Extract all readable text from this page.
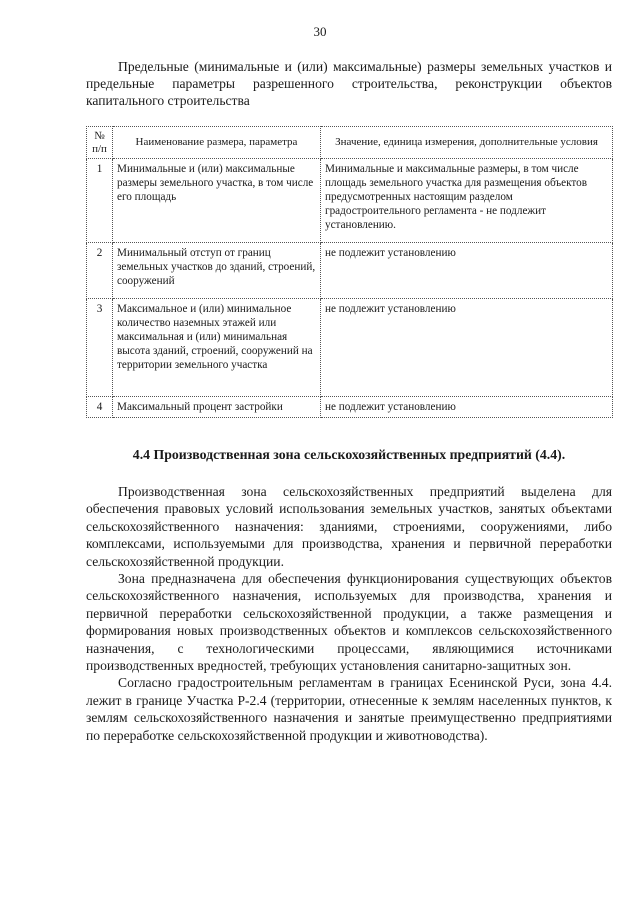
30

Предельные (минимальные и (или) максимальные) размеры земельных участков и предельные параметры разрешенного строительства, реконструкции объектов капитального строительства

№ п/п	Наименование размера, параметра	Значение, единица измерения, дополнительные условия
1	Минимальные и (или) максимальные размеры земельного участка, в том числе его площадь	Минимальные и максимальные размеры, в том числе площадь земельного участка для размещения объектов предусмотренных настоящим разделом градостроительного регламента - не подлежит установлению.
2	Минимальный отступ от границ земельных участков до зданий, строений, сооружений	не подлежит установлению
3	Максимальное и (или) минимальное количество наземных этажей или максимальная и (или) минимальная высота зданий, строений, сооружений на территории земельного участка	не подлежит установлению
4	Максимальный процент застройки	не подлежит установлению
4.4 Производственная зона сельскохозяйственных предприятий (4.4).

Производственная зона сельскохозяйственных предприятий выделена для обеспечения правовых условий использования земельных участков, занятых объектами сельскохозяйственного назначения: зданиями, строениями, сооружениями, либо комплексами, используемыми для производства, хранения и первичной переработки сельскохозяйственной продукции.

Зона предназначена для обеспечения функционирования существующих объектов сельскохозяйственного назначения, используемых для производства, хранения и первичной переработки сельскохозяйственной продукции, а также размещения и формирования новых производственных объектов и комплексов сельскохозяйственного назначения, с технологическими процессами, являющимися источниками производственных вредностей, требующих установления санитарно-защитных зон.

Согласно градостроительным регламентам в границах Есенинской Руси, зона 4.4. лежит в границе Участка Р-2.4 (территории, отнесенные к землям населенных пунктов, к землям сельскохозяйственного назначения и занятые преимущественно предприятиями по переработке сельскохозяйственной продукции и животноводства).
